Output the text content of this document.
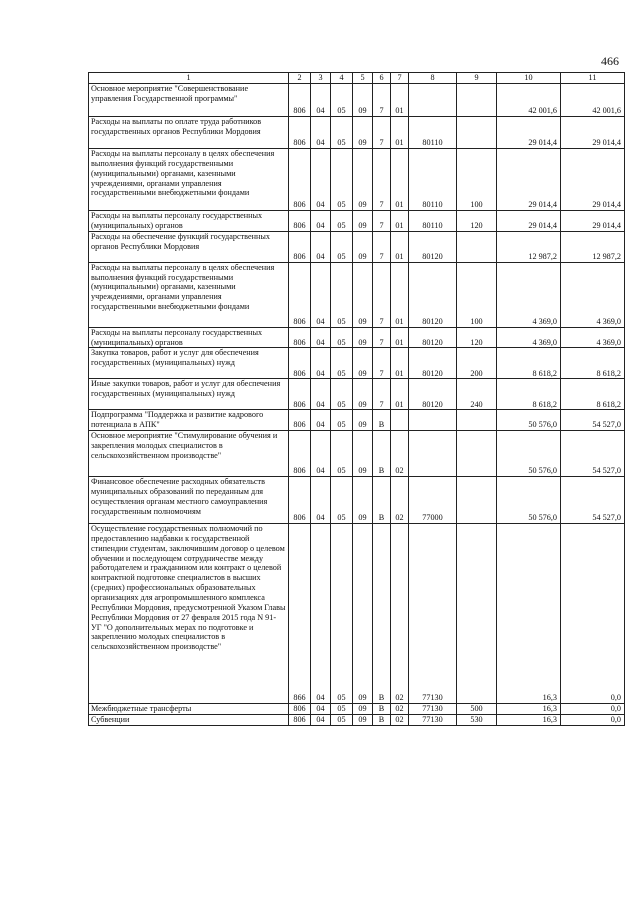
466
1	2	3	4	5	6	7	8	9	10	11
Основное мероприятие "Совершенствование управления Государственной программы"	806	04	05	09	7	01			42 001,6	42 001,6
Расходы на выплаты по оплате труда работников государственных органов Республики Мордовия	806	04	05	09	7	01	80110		29 014,4	29 014,4
Расходы на выплаты персоналу в целях обеспечения выполнения функций государственными (муниципальными) органами, казенными учреждениями, органами управления государственными внебюджетными фондами	806	04	05	09	7	01	80110	100	29 014,4	29 014,4
Расходы на выплаты персоналу государственных (муниципальных) органов	806	04	05	09	7	01	80110	120	29 014,4	29 014,4
Расходы на обеспечение функций государственных органов Республики Мордовия	806	04	05	09	7	01	80120		12 987,2	12 987,2
Расходы на выплаты персоналу в целях обеспечения выполнения функций государственными (муниципальными) органами, казенными учреждениями, органами управления государственными внебюджетными фондами	806	04	05	09	7	01	80120	100	4 369,0	4 369,0
Расходы на выплаты персоналу государственных (муниципальных) органов	806	04	05	09	7	01	80120	120	4 369,0	4 369,0
Закупка товаров, работ и услуг для обеспечения государственных (муниципальных) нужд	806	04	05	09	7	01	80120	200	8 618,2	8 618,2
Иные закупки товаров, работ и услуг для обеспечения государственных (муниципальных) нужд	806	04	05	09	7	01	80120	240	8 618,2	8 618,2
Подпрограмма "Поддержка и развитие кадрового потенциала в АПК"	806	04	05	09	В				50 576,0	54 527,0
Основное мероприятие "Стимулирование обучения и закрепления молодых специалистов в сельскохозяйственном производстве"	806	04	05	09	В	02			50 576,0	54 527,0
Финансовое обеспечение расходных обязательств муниципальных образований по переданным для осуществления органам местного самоуправления государственным полномочиям	806	04	05	09	В	02	77000		50 576,0	54 527,0
Осуществление государственных полномочий по предоставлению надбавки к государственной стипендии студентам, заключившим договор о целевом обучении и последующем сотрудничестве между работодателем и гражданином или контракт о целевой контрактной подготовке специалистов в высших (средних) профессиональных образовательных организациях для агропромышленного комплекса Республики Мордовия, предусмотренной Указом Главы Республики Мордовия от 27 февраля 2015 года N 91-УГ "О дополнительных мерах по подготовке и закреплению молодых специалистов в сельскохозяйственном производстве"	866	04	05	09	В	02	77130		16,3	0,0
Межбюджетные трансферты	806	04	05	09	В	02	77130	500	16,3	0,0
Субвенции	806	04	05	09	В	02	77130	530	16,3	0,0
